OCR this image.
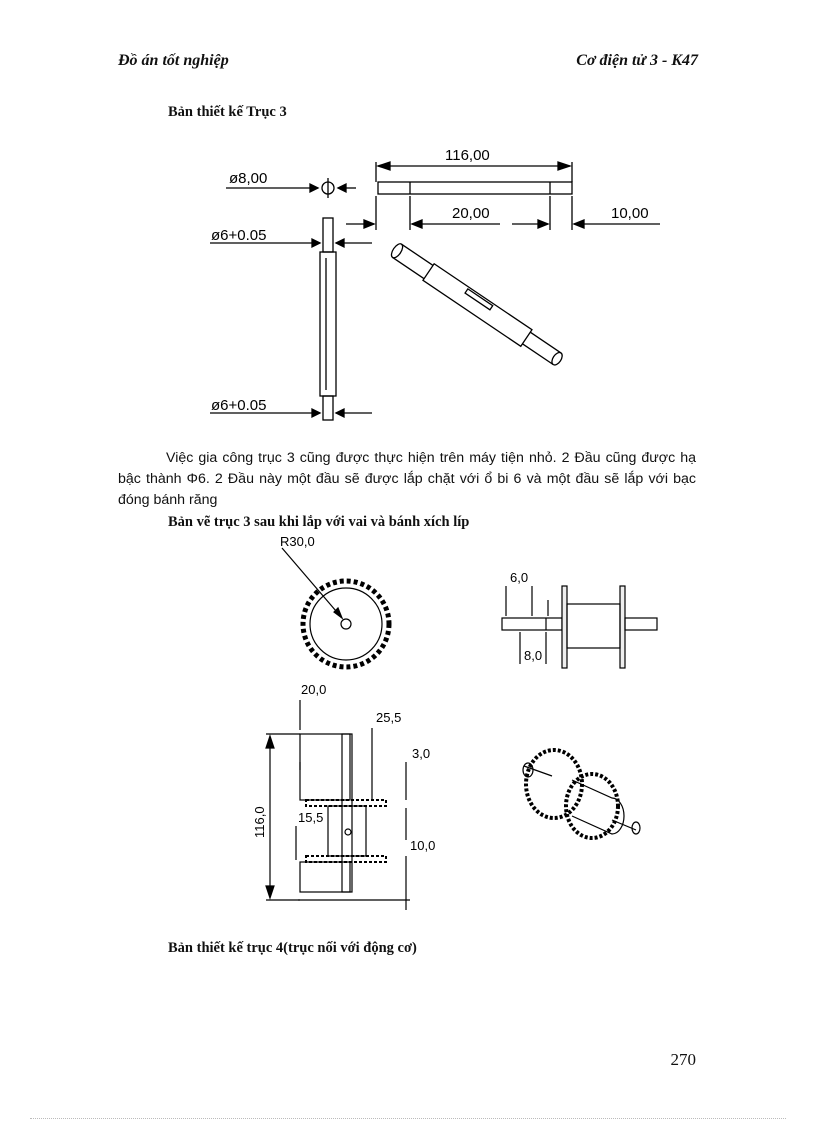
Đồ án tốt nghiệp	Cơ điện tử 3 - K47
Bản thiết kế Trục 3
ø8,00
116,00
20,00	10,00
ø6+0.05
ø6+0.05
Việc gia công trục 3 cũng được thực hiện trên máy tiện nhỏ. 2 Đầu cũng được hạ bậc thành Φ6. 2 Đầu này một đầu sẽ được lắp chặt với ổ bi 6 và một đầu sẽ lắp với bạc đóng bánh răng
Bản vẽ trục 3 sau khi lắp với vai và bánh xích líp
R30,0
6,0
8,0
20,0
25,5
3,0
15,5
10,0
116,0
Bản thiết kế trục 4(trục nối với động cơ)
270
